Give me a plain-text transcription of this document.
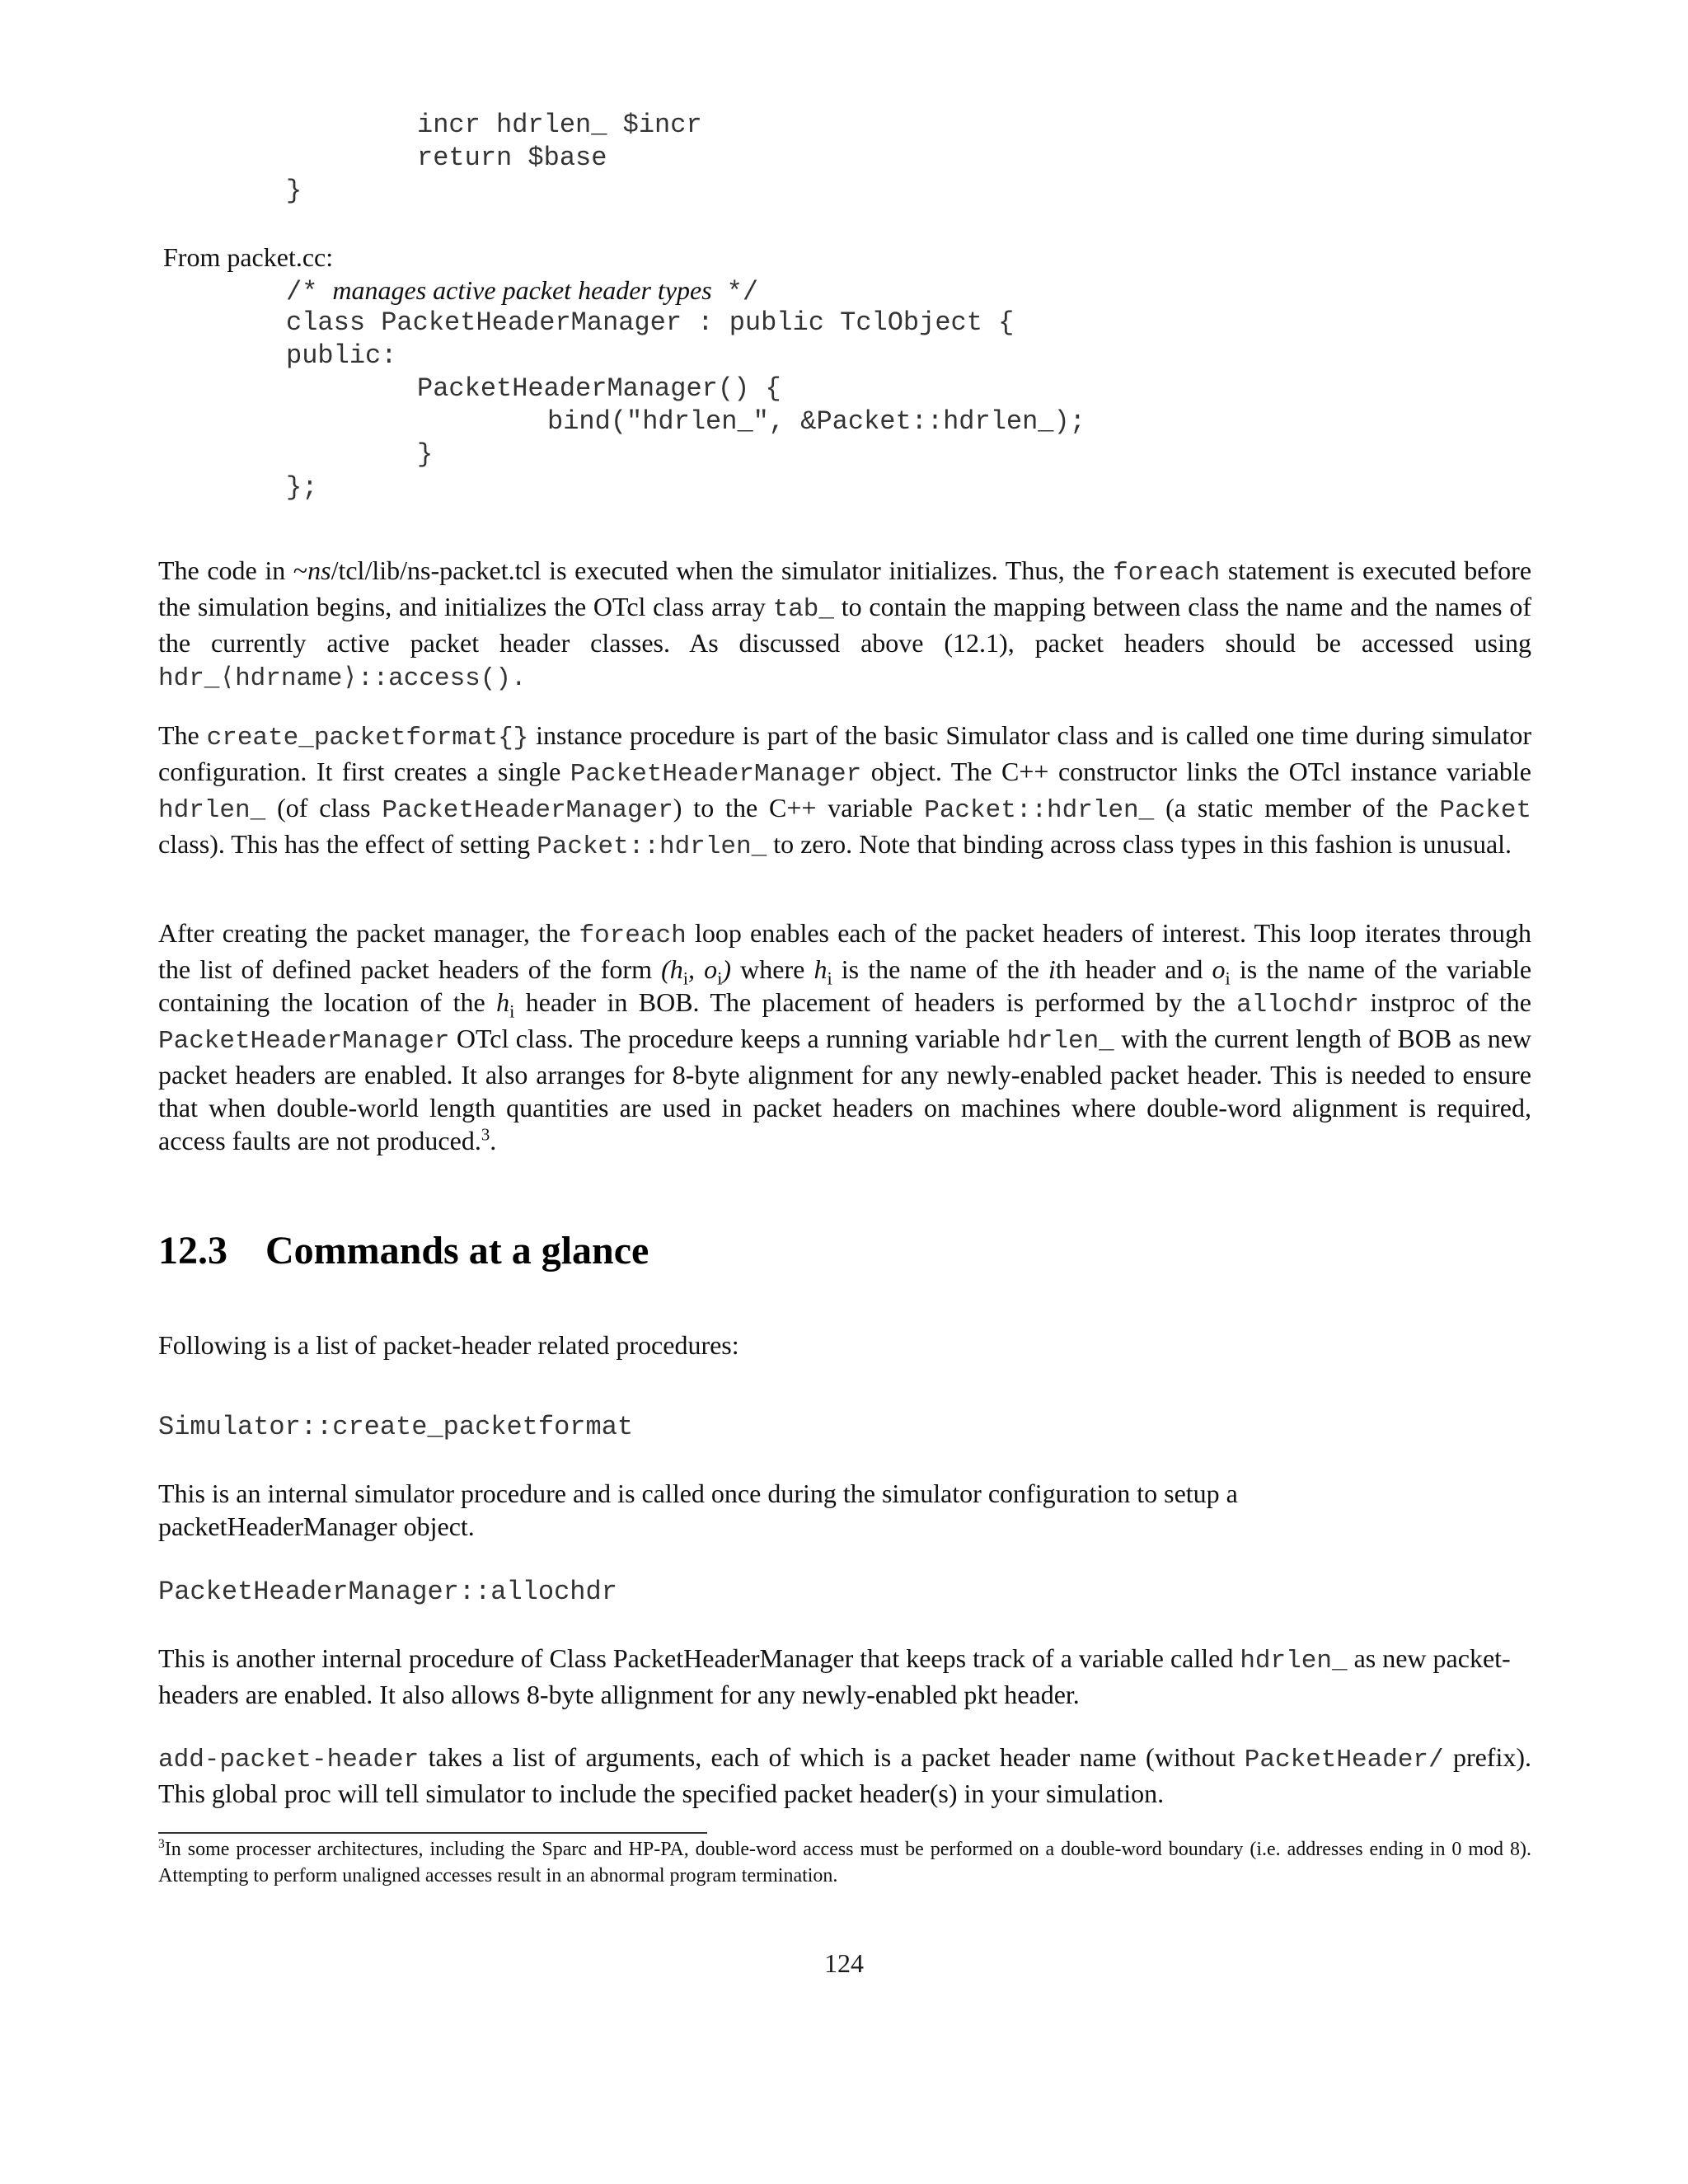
incr hdrlen_ $incr
return $base
}
From packet.cc:
/* manages active packet header types */
class PacketHeaderManager : public TclObject {
public:
PacketHeaderManager() {
bind("hdrlen_", &Packet::hdrlen_);
}
};

The code in ~ns/tcl/lib/ns-packet.tcl is executed when the simulator initializes. Thus, the foreach statement is executed before the simulation begins, and initializes the OTcl class array tab_ to contain the mapping between class the name and the names of the currently active packet header classes. As discussed above (12.1), packet headers should be accessed using hdr_⟨hdrname⟩::access().

The create_packetformat{} instance procedure is part of the basic Simulator class and is called one time during simulator configuration. It first creates a single PacketHeaderManager object. The C++ constructor links the OTcl instance variable hdrlen_ (of class PacketHeaderManager) to the C++ variable Packet::hdrlen_ (a static member of the Packet class). This has the effect of setting Packet::hdrlen_ to zero. Note that binding across class types in this fashion is unusual.

After creating the packet manager, the foreach loop enables each of the packet headers of interest. This loop iterates through the list of defined packet headers of the form ($h_i$, $o_i$) where $h_i$ is the name of the ith header and $o_i$ is the name of the variable containing the location of the $h_i$ header in BOB. The placement of headers is performed by the allochdr instproc of the PacketHeaderManager OTcl class. The procedure keeps a running variable hdrlen_ with the current length of BOB as new packet headers are enabled. It also arranges for 8-byte alignment for any newly-enabled packet header. This is needed to ensure that when double-world length quantities are used in packet headers on machines where double-word alignment is required, access faults are not produced.$^3$.

12.3 Commands at a glance

Following is a list of packet-header related procedures:

Simulator::create_packetformat

This is an internal simulator procedure and is called once during the simulator configuration to setup a packetHeaderManager object.

PacketHeaderManager::allochdr

This is another internal procedure of Class PacketHeaderManager that keeps track of a variable called hdrlen_ as new packet-headers are enabled. It also allows 8-byte allignment for any newly-enabled pkt header.

add-packet-header takes a list of arguments, each of which is a packet header name (without PacketHeader/ prefix). This global proc will tell simulator to include the specified packet header(s) in your simulation.

$^3$In some processer architectures, including the Sparc and HP-PA, double-word access must be performed on a double-word boundary (i.e. addresses ending in 0 mod 8). Attempting to perform unaligned accesses result in an abnormal program termination.

124
